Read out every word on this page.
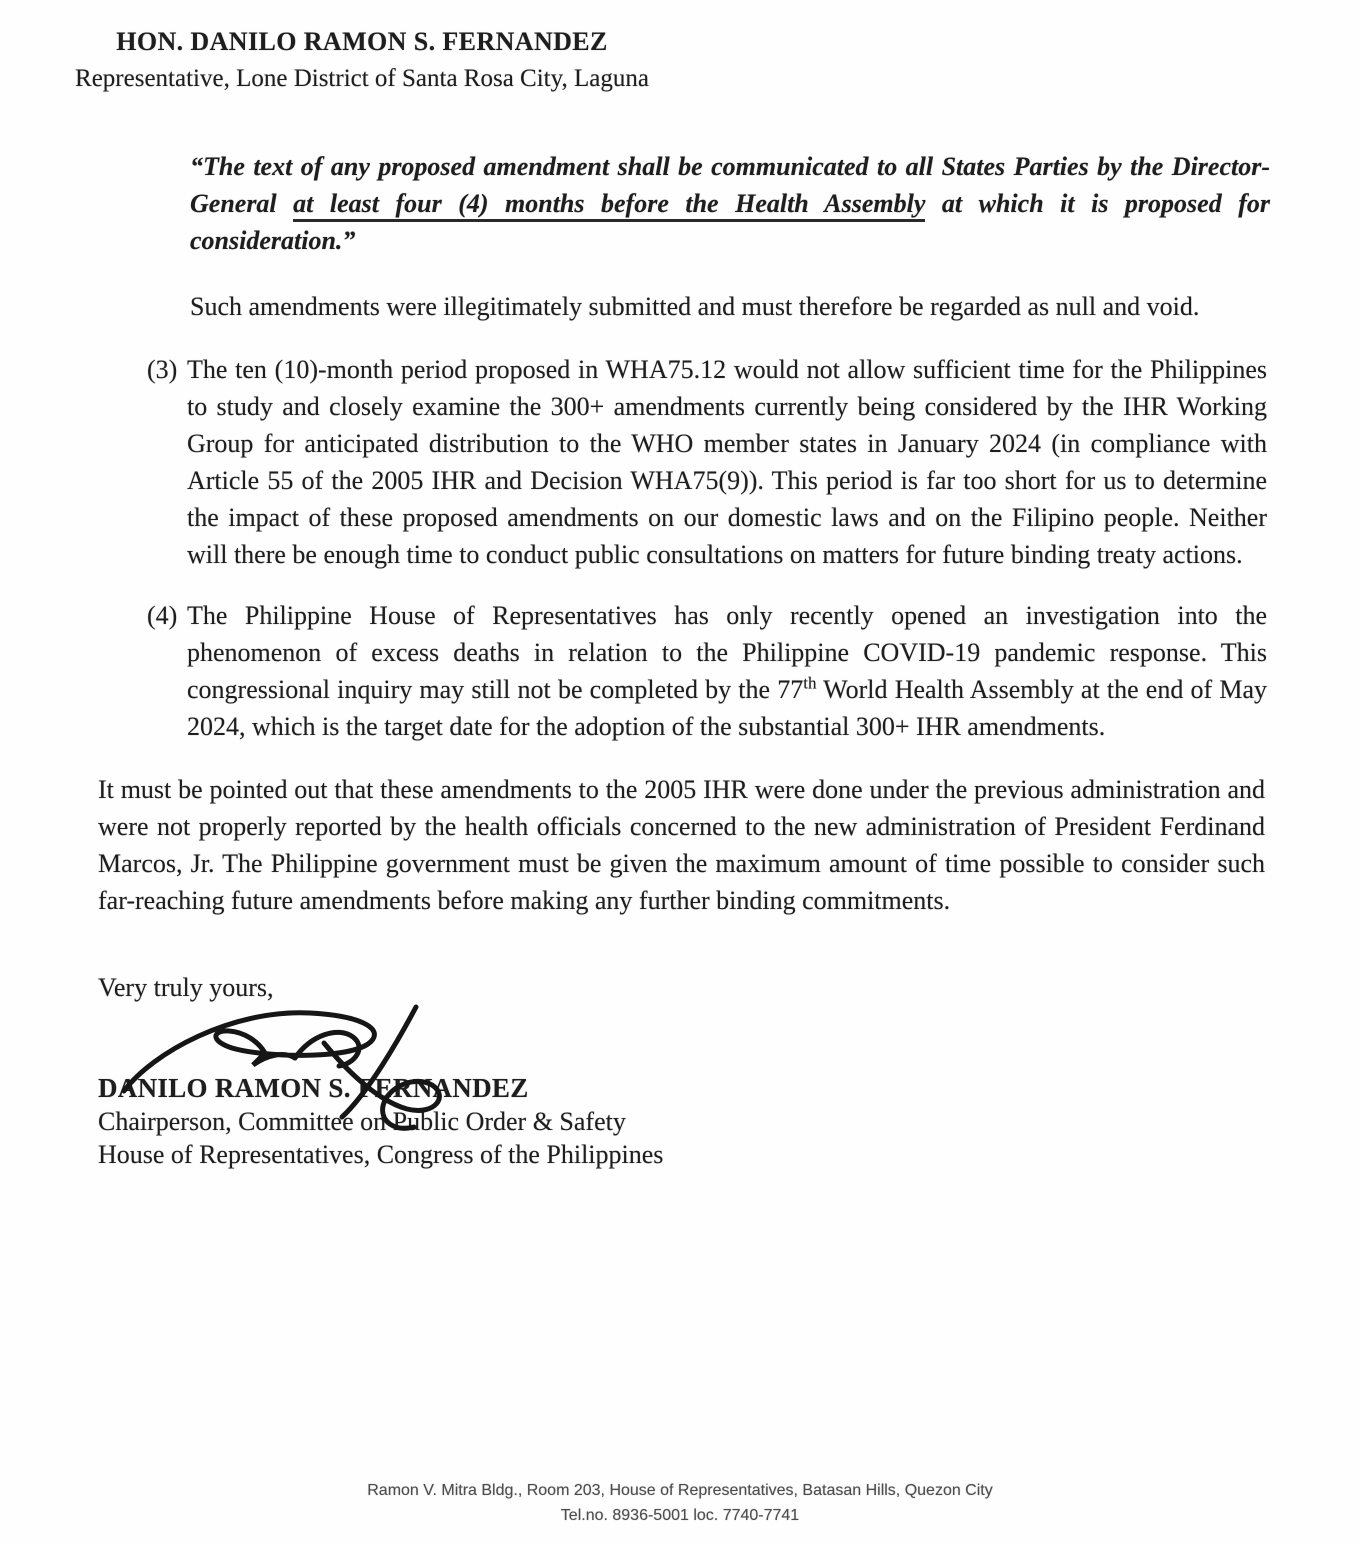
HON. DANILO RAMON S. FERNANDEZ
Representative, Lone District of Santa Rosa City, Laguna

“The text of any proposed amendment shall be communicated to all States Parties by the Director-General at least four (4) months before the Health Assembly at which it is proposed for consideration.”

Such amendments were illegitimately submitted and must therefore be regarded as null and void.

(3) The ten (10)-month period proposed in WHA75.12 would not allow sufficient time for the Philippines to study and closely examine the 300+ amendments currently being considered by the IHR Working Group for anticipated distribution to the WHO member states in January 2024 (in compliance with Article 55 of the 2005 IHR and Decision WHA75(9)). This period is far too short for us to determine the impact of these proposed amendments on our domestic laws and on the Filipino people. Neither will there be enough time to conduct public consultations on matters for future binding treaty actions.
(4) The Philippine House of Representatives has only recently opened an investigation into the phenomenon of excess deaths in relation to the Philippine COVID-19 pandemic response. This congressional inquiry may still not be completed by the 77th World Health Assembly at the end of May 2024, which is the target date for the adoption of the substantial 300+ IHR amendments.

It must be pointed out that these amendments to the 2005 IHR were done under the previous administration and were not properly reported by the health officials concerned to the new administration of President Ferdinand Marcos, Jr. The Philippine government must be given the maximum amount of time possible to consider such far-reaching future amendments before making any further binding commitments.

Very truly yours,

DANILO RAMON S. FERNANDEZ
Chairperson, Committee on Public Order & Safety
House of Representatives, Congress of the Philippines
Ramon V. Mitra Bldg., Room 203, House of Representatives, Batasan Hills, Quezon City
Tel.no. 8936-5001 loc. 7740-7741
